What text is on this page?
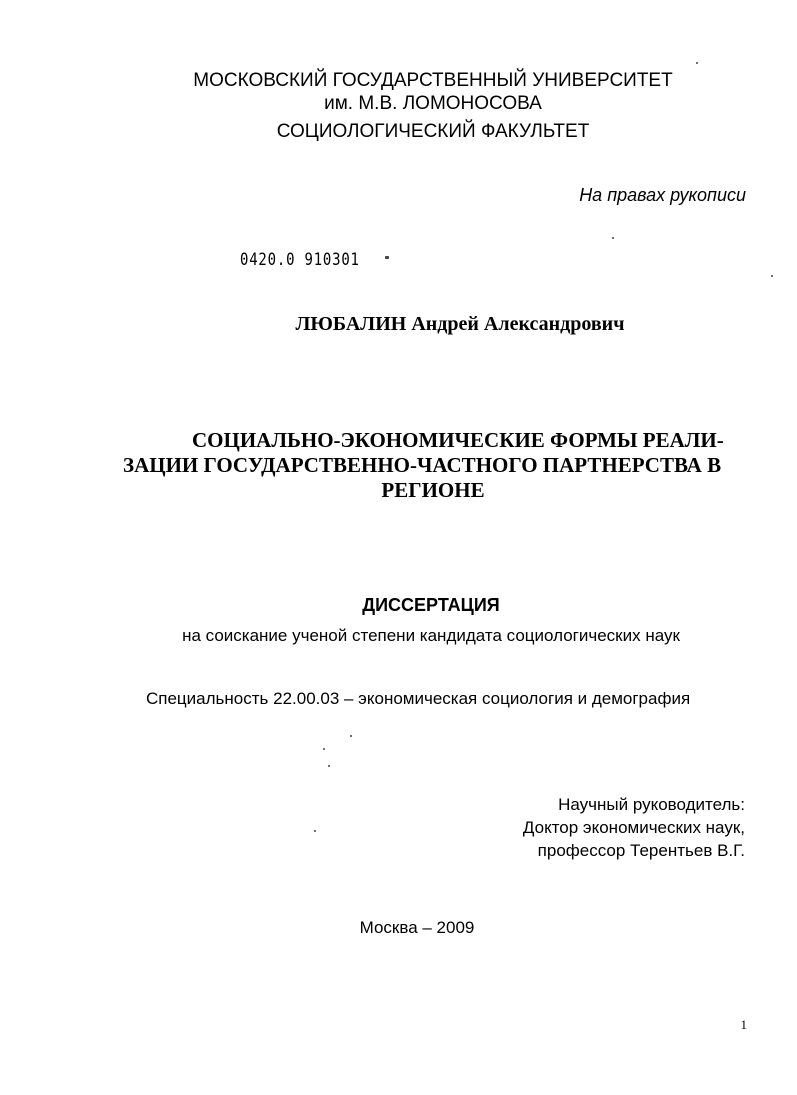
МОСКОВСКИЙ ГОСУДАРСТВЕННЫЙ УНИВЕРСИТЕТ
им. М.В. ЛОМОНОСОВА
СОЦИОЛОГИЧЕСКИЙ ФАКУЛЬТЕТ
На правах рукописи
0420.0 910301
ЛЮБАЛИН Андрей Александрович
СОЦИАЛЬНО-ЭКОНОМИЧЕСКИЕ ФОРМЫ РЕАЛИ-
ЗАЦИИ ГОСУДАРСТВЕННО-ЧАСТНОГО ПАРТНЕРСТВА В
РЕГИОНЕ
ДИССЕРТАЦИЯ
на соискание ученой степени кандидата социологических наук
Специальность 22.00.03 – экономическая социология и демография
Научный руководитель:
Доктор экономических наук,
профессор Терентьев В.Г.
Москва – 2009
1
